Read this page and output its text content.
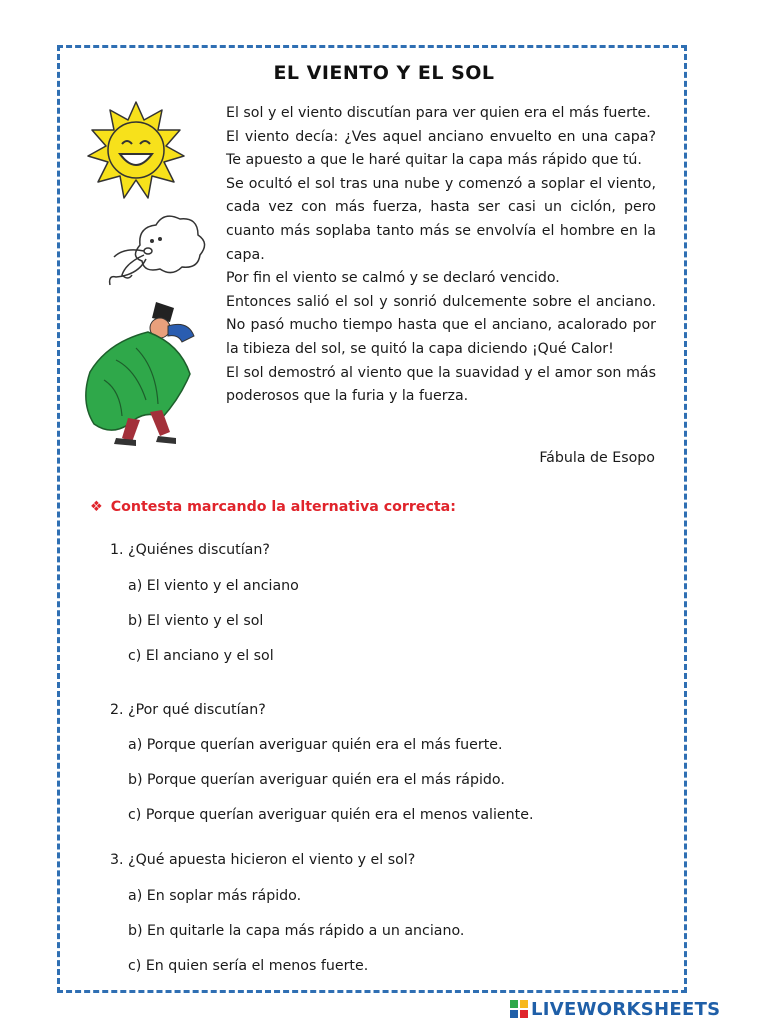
EL VIENTO Y EL SOL

El sol y el viento discutían para ver quien era el más fuerte.

El viento decía: ¿Ves aquel anciano envuelto en una capa? Te apuesto a que le haré quitar la capa más rápido que tú.

Se ocultó el sol tras una nube y comenzó a soplar el viento, cada vez con más fuerza, hasta ser casi un ciclón, pero cuanto más soplaba tanto más se envolvía el hombre en la capa.

Por fin el viento se calmó y se declaró vencido.

Entonces salió el sol y sonrió dulcemente sobre el anciano. No pasó mucho tiempo hasta que el anciano, acalorado por la tibieza del sol, se quitó la capa diciendo ¡Qué Calor!

El sol demostró al viento que la suavidad y el amor son más poderosos que la furia y la fuerza.

Fábula de Esopo
❖ Contesta marcando la alternativa correcta:
1. ¿Quiénes discutían?
a) El viento y el anciano
b) El viento y el sol
c) El anciano y el sol
2. ¿Por qué discutían?
a) Porque querían averiguar quién era el más fuerte.
b) Porque querían averiguar quién era el más rápido.
c) Porque querían averiguar quién era el menos valiente.
3. ¿Qué apuesta hicieron el viento y el sol?
a) En soplar más rápido.
b) En quitarle la capa más rápido a un anciano.
c) En quien sería el menos fuerte.
LIVEWORKSHEETS
